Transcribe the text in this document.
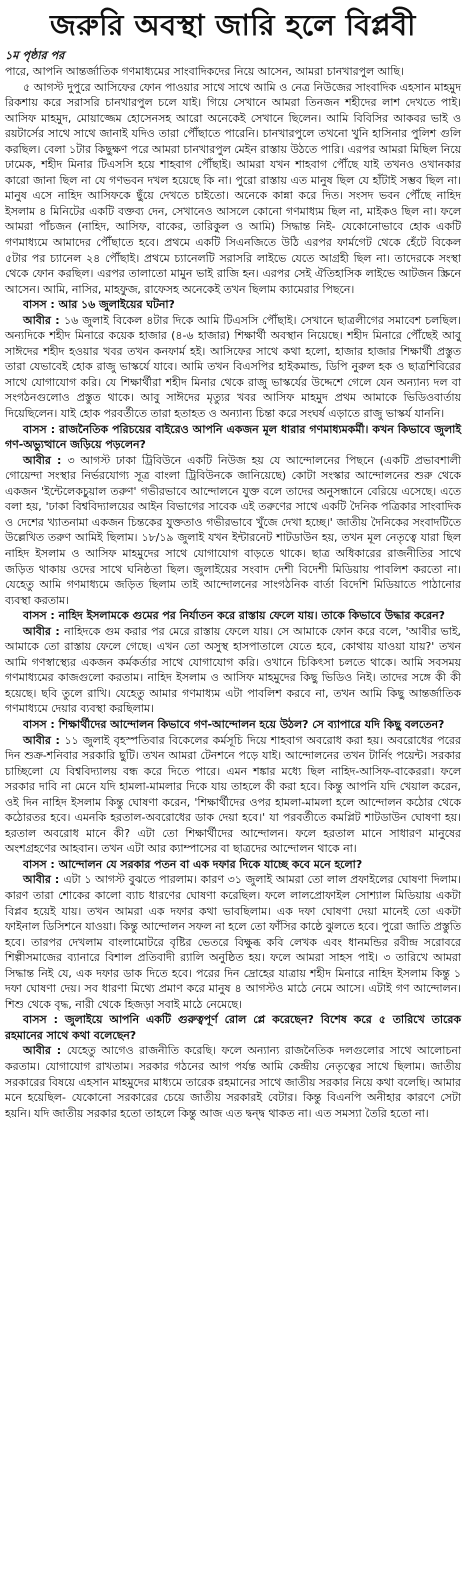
জরুরি অবস্থা জারি হলে বিপ্লবী

১ম পৃষ্ঠার পর

পারে, আপনি আন্তর্জাতিক গণমাধ্যমের সাংবাদিকদের নিয়ে আসেন, আমরা চানখারপুল আছি।

৫ আগস্ট দুপুরে আসিফের ফোন পাওয়ার সাথে সাথে আমি ও নেত্র নিউজের সাংবাদিক এহসান মাহমুদ রিকশায় করে সরাসরি চানখারপুল চলে যাই। গিয়ে সেখানে আমরা তিনজন শহীদের লাশ দেখতে পাই। আসিফ মাহমুদ, মোয়াজ্জেম হোসেনসহ আরো অনেকেই সেখানে ছিলেন। আমি বিবিসির আকবর ভাই ও রয়টার্সের সাথে সাথে জানাই যদিও তারা পৌঁছাতে পারেনি। চানখারপুলে তখনো খুনি হাসিনার পুলিশ গুলি করছিল। বেলা ১টার কিছুক্ষণ পরে আমরা চানখারপুল মেইন রাস্তায় উঠতে পারি। এরপর আমরা মিছিল নিয়ে ঢামেক, শহীদ মিনার টিএসসি হয়ে শাহবাগ পৌঁছাই। আমরা যখন শাহবাগ পৌঁছে যাই তখনও ওখানকার কারো জানা ছিল না যে গণভবন দখল হয়েছে কি না। পুরো রাস্তায় এত মানুষ ছিল যে হাঁটাই সম্ভব ছিল না। মানুষ এসে নাহিদ আসিফকে ছুঁয়ে দেখতে চাইতো। অনেকে কান্না করে দিত। সংসদ ভবন পৌঁছে নাহিদ ইসলাম ৪ মিনিটের একটি বক্তব্য দেন, সেখানেও আসলে কোনো গণমাধ্যম ছিল না, মাইকও ছিল না। ফলে আমরা পাঁচজন (নাহিদ, আসিফ, বাকের, তারিকুল ও আমি) সিদ্ধান্ত নিই- যেকোনোভাবে হোক একটি গণমাধ্যমে আমাদের পৌঁছাতে হবে। প্রথমে একটি সিএনজিতে উঠি এরপর ফার্মগেট থেকে হেঁটে বিকেল ৫টার পর চ্যানেল ২৪ পৌঁছাই। প্রথমে চ্যানেলটি সরাসরি লাইভে যেতে আগ্রহী ছিল না। তাদেরকে সংস্থা থেকে ফোন করছিল। এরপর তালাতো মামুন ভাই রাজি হন। এরপর সেই ঐতিহাসিক লাইভে আটজন স্ক্রিনে আসেন। আমি, নাসির, মাহফুজ, রাফেসহ অনেকেই তখন ছিলাম ক্যামেরার পিছনে।

বাসস : আর ১৬ জুলাইয়ের ঘটনা?

আবীর : ১৬ জুলাই বিকেল ৪টার দিকে আমি টিএসসি পৌঁছাই। সেখানে ছাত্রলীগের সমাবেশ চলছিল। অন্যদিকে শহীদ মিনারে কয়েক হাজার (৪-৬ হাজার) শিক্ষার্থী অবস্থান নিয়েছে। শহীদ মিনারে পৌঁছেই আবু সাঈদের শহীদ হওয়ার খবর তখন কনফার্ম হই। আসিফের সাথে কথা হলো, হাজার হাজার শিক্ষার্থী প্রস্তুত তারা যেভাবেই হোক রাজু ভাস্কর্যে যাবে। আমি তখন বিএসপির হাইকমান্ড, ডিপি নুরুল হক ও ছাত্রশিবিরের সাথে যোগাযোগ করি। যে শিক্ষার্থীরা শহীদ মিনার থেকে রাজু ভাস্কর্যের উদ্দেশে গেলে যেন অন্যান্য দল বা সংগঠনগুলোও প্রস্তুত থাকে। আবু সাঈদের মৃত্যুর খবর আসিফ মাহমুদ প্রথম আমাকে ভিডিওবার্তায় দিয়েছিলেন। যাই হোক পরবর্তীতে তারা হতাহত ও অন্যান্য চিন্তা করে সংঘর্ষ এড়াতে রাজু ভাস্কর্য যাননি।

বাসস : রাজনৈতিক পরিচয়ের বাইরেও আপনি একজন মূল ধারার গণমাধ্যমকর্মী। কখন কিভাবে জুলাই গণ-অভ্যুত্থানে জড়িয়ে পড়লেন?

আবীর : ৩ আগস্ট ঢাকা ট্রিবিউনে একটি নিউজ হয় যে আন্দোলনের পিছনে (একটি প্রভাবশালী গোয়েন্দা সংস্থার নির্ভরযোগ্য সূত্র বাংলা ট্রিবিউনকে জানিয়েছে) কোটা সংস্কার আন্দোলনের শুরু থেকে একজন 'ইন্টেলেকচুয়াল তরুণ' গভীরভাবে আন্দোলনে যুক্ত বলে তাদের অনুসন্ধানে বেরিয়ে এসেছে। এতে বলা হয়, 'ঢাকা বিশ্ববিদ্যালয়ের আইন বিভাগের সাবেক এই তরুণের সাথে একটি দৈনিক পত্রিকার সাংবাদিক ও দেশের খ্যাতনামা একজন চিন্তকের যুক্ততাও গভীরভাবে খুঁজে দেখা হচ্ছে।' জাতীয় দৈনিকের সংবাদটিতে উল্লেখিত তরুণ আমিই ছিলাম। ১৮/১৯ জুলাই যখন ইন্টারনেট শাটডাউন হয়, তখন মূল নেতৃত্বে যারা ছিল নাহিদ ইসলাম ও আসিফ মাহমুদের সাথে যোগাযোগ বাড়তে থাকে। ছাত্র অধিকারের রাজনীতির সাথে জড়িত থাকায় ওদের সাথে ঘনিষ্ঠতা ছিল। জুলাইয়ের সংবাদ দেশী বিদেশী মিডিয়ায় পাবলিশ করতো না। যেহেতু আমি গণমাধ্যমে জড়িত ছিলাম তাই আন্দোলনের সাংগঠনিক বার্তা বিদেশি মিডিয়াতে পাঠানোর ব্যবস্থা করতাম।

বাসস : নাহিদ ইসলামকে গুমের পর নির্যাতন করে রাস্তায় ফেলে যায়। তাকে কিভাবে উদ্ধার করেন?

আবীর : নাহিদকে গুম করার পর মেরে রাস্তায় ফেলে যায়। সে আমাকে ফোন করে বলে, 'আবীর ভাই, আমাকে তো রাস্তায় ফেলে গেছে। এখন তো অসুস্থ হাসপাতালে যেতে হবে, কোথায় যাওয়া যায়?' তখন আমি গণস্বাস্থ্যের একজন কর্মকর্তার সাথে যোগাযোগ করি। ওখানে চিকিৎসা চলতে থাকে। আমি সবসময় গণমাধ্যমের কাজগুলো করতাম। নাহিদ ইসলাম ও আসিফ মাহমুদের কিছু ভিডিও নিই। তাদের সঙ্গে কী কী হয়েছে। ছবি তুলে রাখি। যেহেতু আমার গণমাধ্যম এটা পাবলিশ করবে না, তখন আমি কিছু আন্তর্জাতিক গণমাধ্যমে দেয়ার ব্যবস্থা করছিলাম।

বাসস : শিক্ষার্থীদের আন্দোলন কিভাবে গণ-আন্দোলন হয়ে উঠল? সে ব্যাপারে যদি কিছু বলতেন?

আবীর : ১১ জুলাই বৃহস্পতিবার বিকেলের কর্মসূচি দিয়ে শাহবাগ অবরোধ করা হয়। অবরোধের পরের দিন শুক্র-শনিবার সরকারি ছুটি। তখন আমরা টেনশনে পড়ে যাই। আন্দোলনের তখন টার্নিং পয়েন্ট। সরকার চাচ্ছিলো যে বিশ্ববিদ্যালয় বন্ধ করে দিতে পারে। এমন শঙ্কার মধ্যে ছিল নাহিদ-আসিফ-বাকেররা। ফলে সরকার দাবি না মেনে যদি হামলা-মামলার দিকে যায় তাহলে কী করা হবে। কিন্তু আপনি যদি খেয়াল করেন, ওই দিন নাহিদ ইসলাম কিন্তু ঘোষণা করেন, 'শিক্ষার্থীদের ওপর হামলা-মামলা হলে আন্দোলন কঠোর থেকে কঠোরতর হবে। এমনকি হরতাল-অবরোধের ডাক দেয়া হবে।' যা পরবর্তীতে কমপ্লিট শাটডাউন ঘোষণা হয়। হরতাল অবরোধ মানে কী? এটা তো শিক্ষার্থীদের আন্দোলন। ফলে হরতাল মানে সাধারণ মানুষের অংশগ্রহণের আহবান। তখন এটা আর ক্যাম্পাসের বা ছাত্রদের আন্দোলন থাকে না।

বাসস : আন্দোলন যে সরকার পতন বা এক দফার দিকে যাচ্ছে কবে মনে হলো?

আবীর : এটা ১ আগস্ট বুঝতে পারলাম। কারণ ৩১ জুলাই আমরা তো লাল প্রফাইলের ঘোষণা দিলাম। কারণ তারা শোকের কালো ব্যাচ ধারণের ঘোষণা করেছিল। ফলে লালপ্রোফাইল সোশ্যাল মিডিয়ায় একটা বিপ্লব হয়েই যায়। তখন আমরা এক দফার কথা ভাবছিলাম। এক দফা ঘোষণা দেয়া মানেই তো একটা ফাইনাল ডিসিশনে যাওয়া। কিন্তু আন্দোলন সফল না হলে তো ফাঁসির কাষ্ঠে ঝুলতে হবে। পুরো জাতি প্রস্তুতি হবে। তারপর দেখলাম বাংলামোটরে বৃষ্টির ভেতরে বিক্ষুব্ধ কবি লেখক এবং ধানমন্ডির রবীন্দ্র সরোবরে শিল্পীসমাজের ব্যানারে বিশাল প্রতিবাদী র‍্যালি অনুষ্ঠিত হয়। ফলে আমরা সাহস পাই। ৩ তারিখে আমরা সিদ্ধান্ত নিই যে, এক দফার ডাক দিতে হবে। পরের দিন দ্রোহের যাত্রায় শহীদ মিনারে নাহিদ ইসলাম কিন্তু ১ দফা ঘোষণা দেয়। সব ধারণা মিথ্যে প্রমাণ করে মানুষ ৪ আগস্টও মাঠে নেমে আসে। এটাই গণ আন্দোলন। শিশু থেকে বৃদ্ধ, নারী থেকে হিজড়া সবাই মাঠে নেমেছে।

বাসস : জুলাইয়ে আপনি একটি গুরুত্বপূর্ণ রোল প্লে করেছেন? বিশেষ করে ৫ তারিখে তারেক রহমানের সাথে কথা বলেছেন?

আবীর : যেহেতু আগেও রাজনীতি করেছি। ফলে অন্যান্য রাজনৈতিক দলগুলোর সাথে আলোচনা করতাম। যোগাযোগ রাখতাম। সরকার গঠনের আগ পর্যন্ত আমি কেন্দ্রীয় নেতৃত্বের সাথে ছিলাম। জাতীয় সরকারের বিষয়ে এহসান মাহমুদের মাধ্যমে তারেক রহমানের সাথে জাতীয় সরকার নিয়ে কথা বলেছি। আমার মনে হয়েছিল- যেকোনো সরকারের চেয়ে জাতীয় সরকারই বেটার। কিন্তু বিএনপি অনীহার কারণে সেটা হয়নি। যদি জাতীয় সরকার হতো তাহলে কিন্তু আজ এত দ্বন্দ্ব থাকত না। এত সমস্যা তৈরি হতো না।
